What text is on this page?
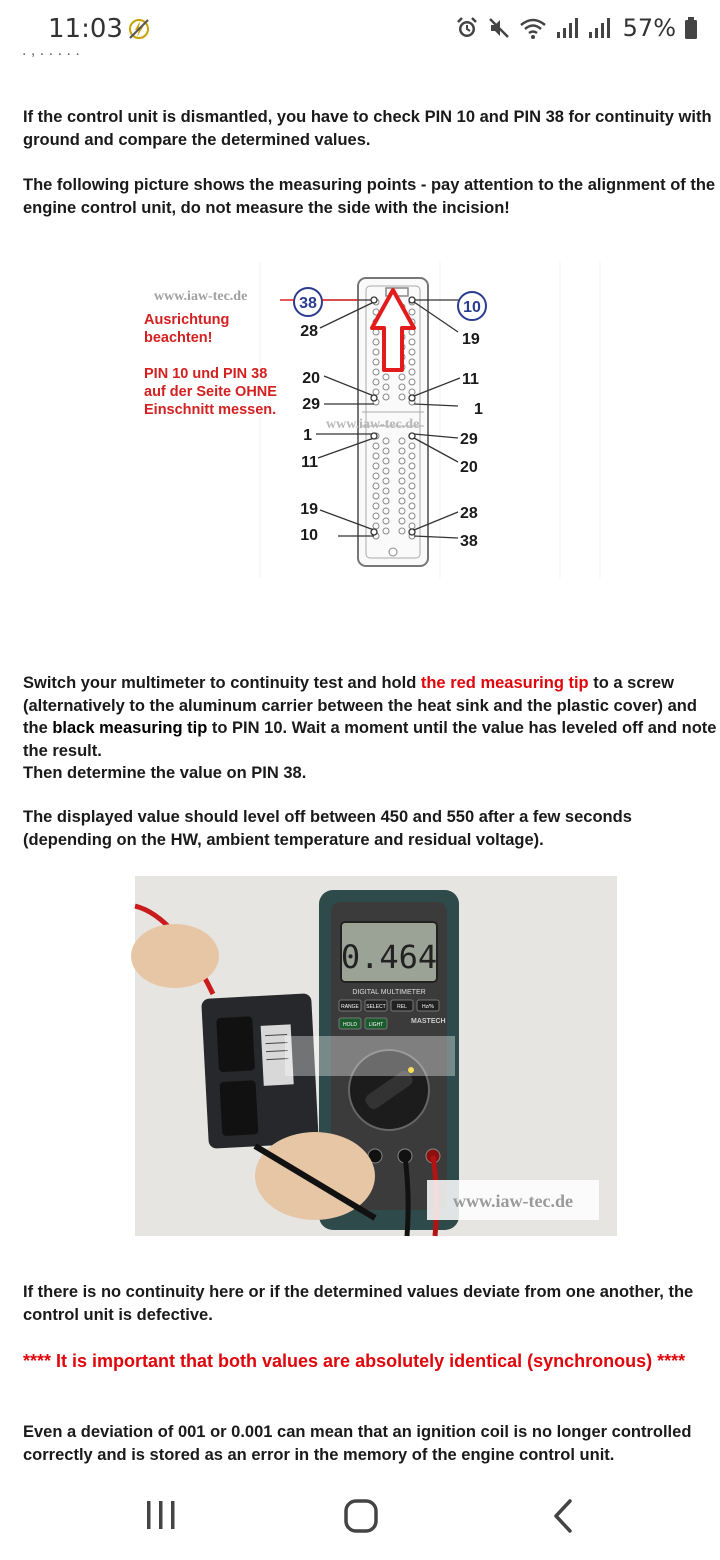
11:03	57%
. , . . . . .

If the control unit is dismantled, you have to check PIN 10 and PIN 38 for continuity with ground and compare the determined values.

The following picture shows the measuring points - pay attention to the alignment of the engine control unit, do not measure the side with the incision!

38	10
www.iaw-tec.de
www.iaw-tec.de
Ausrichtung
beachten!
PIN 10 und PIN 38
auf der Seite OHNE
Einschnitt messen.
28
20
29
1
11
19
10
19
11
1
29
20
28
38

Switch your multimeter to continuity test and hold the red measuring tip to a screw (alternatively to the aluminum carrier between the heat sink and the plastic cover) and the black measuring tip to PIN 10. Wait a moment until the value has leveled off and note the result.
Then determine the value on PIN 38.

The displayed value should level off between 450 and 550 after a few seconds (depending on the HW, ambient temperature and residual voltage).

0.464
DIGITAL MULTIMETER
RANGE SELECT REL	Hz/%
HOLD LIGHT	MASTECH
www.iaw-tec.de

If there is no continuity here or if the determined values deviate from one another, the control unit is defective.

**** It is important that both values are absolutely identical (synchronous) ****

Even a deviation of 001 or 0.001 can mean that an ignition coil is no longer controlled correctly and is stored as an error in the memory of the engine control unit.
